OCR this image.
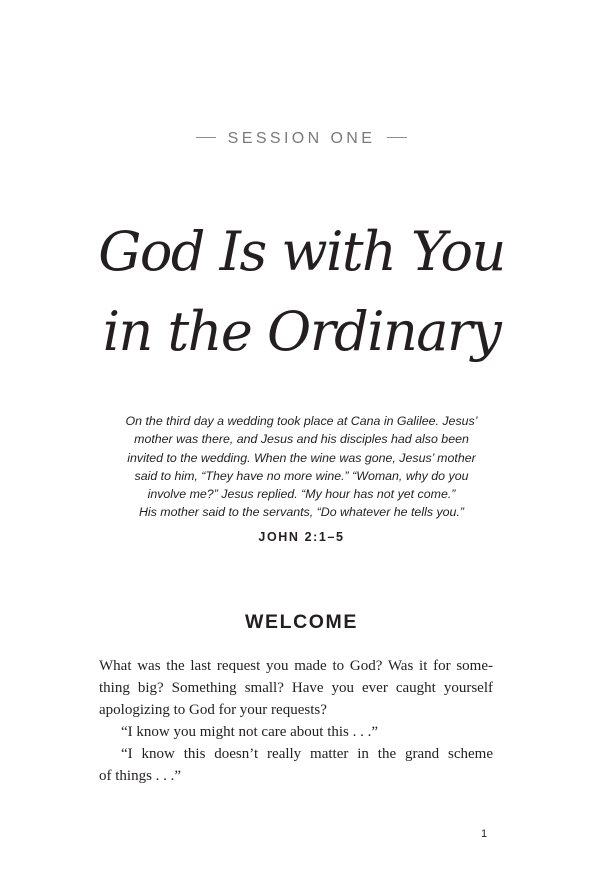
SESSION ONE
God Is with You
in the Ordinary
On the third day a wedding took place at Cana in Galilee. Jesus’
mother was there, and Jesus and his disciples had also been
invited to the wedding. When the wine was gone, Jesus’ mother
said to him, “They have no more wine.” “Woman, why do you
involve me?” Jesus replied. “My hour has not yet come.”
His mother said to the servants, “Do whatever he tells you.”
JOHN 2:1–5
WELCOME
What was the last request you made to God? Was it for some-
thing big? Something small? Have you ever caught yourself
apologizing to God for your requests?
“I know you might not care about this . . .”
“I know this doesn’t really matter in the grand scheme
of things . . .”
1
